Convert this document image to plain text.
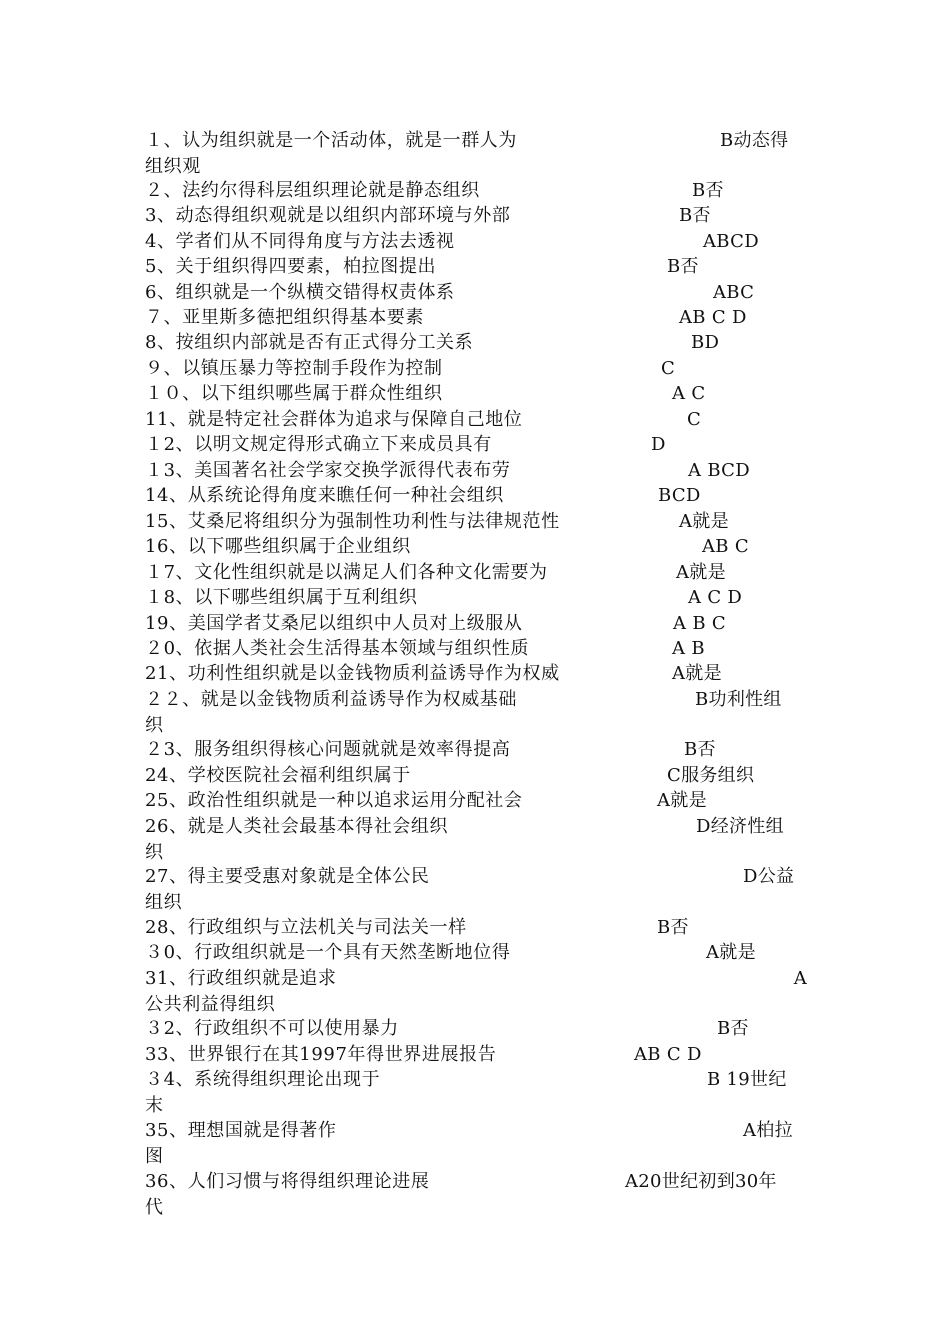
１、认为组织就是一个活动体，就是一群人为	B动态得
组织观
２、法约尔得科层组织理论就是静态组织	B否
3、动态得组织观就是以组织内部环境与外部	B否
4、学者们从不同得角度与方法去透视	ABCD
5、关于组织得四要素，柏拉图提出	B否
6、组织就是一个纵横交错得权责体系	ABC
７、亚里斯多德把组织得基本要素	AB C D
8、按组织内部就是否有正式得分工关系	BD
９、以镇压暴力等控制手段作为控制	C
１０、以下组织哪些属于群众性组织	A C
11、就是特定社会群体为追求与保障自己地位	C
１2、以明文规定得形式确立下来成员具有	D
１3、美国著名社会学家交换学派得代表布劳	A BCD
14、从系统论得角度来瞧任何一种社会组织	BCD
15、艾桑尼将组织分为强制性功利性与法律规范性	A就是
16、以下哪些组织属于企业组织	AB C
１7、文化性组织就是以满足人们各种文化需要为	A就是
１8、以下哪些组织属于互利组织	A C D
19、美国学者艾桑尼以组织中人员对上级服从	A B C
２0、依据人类社会生活得基本领域与组织性质	A B
21、功利性组织就是以金钱物质利益诱导作为权威	A就是
２２、就是以金钱物质利益诱导作为权威基础	B功利性组
织
２3、服务组织得核心问题就就是效率得提高	B否
24、学校医院社会福利组织属于	C服务组织
25、政治性组织就是一种以追求运用分配社会	A就是
26、就是人类社会最基本得社会组织	D经济性组
织
27、得主要受惠对象就是全体公民	D公益
组织
28、行政组织与立法机关与司法关一样	B否
３0、行政组织就是一个具有天然垄断地位得	A就是
31、行政组织就是追求	A
公共利益得组织
３2、行政组织不可以使用暴力	B否
33、世界银行在其1997年得世界进展报告	AB C D
３4、系统得组织理论出现于	B 19世纪
末
35、理想国就是得著作	A柏拉
图
36、人们习惯与将得组织理论进展	A20世纪初到30年
代
